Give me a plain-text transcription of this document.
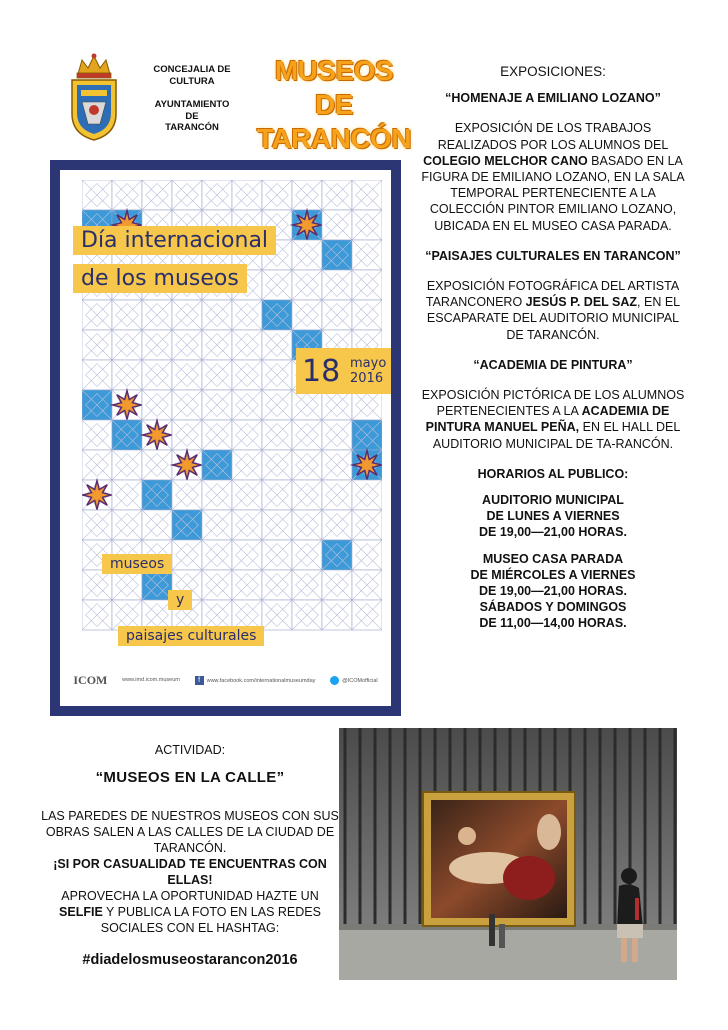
CONCEJALIA DE
CULTURA
AYUNTAMIENTO
DE
TARANCÓN
MUSEOS
DE
TARANCÓN
Día internacional
de los museos
18 mayo
2016
museos
y
paisajes culturales
ICOM	www.imd.icom.museum	f www.facebook.com/internationalmuseumday	@ICOMofficial
EXPOSICIONES:
“HOMENAJE A EMILIANO LOZANO”
EXPOSICIÓN DE LOS TRABAJOS REALIZADOS POR LOS ALUMNOS DEL COLEGIO MELCHOR CANO BASADO EN LA FIGURA DE EMILIANO LOZANO, EN LA SALA TEMPORAL PERTENECIENTE A LA COLECCIÓN PINTOR EMILIANO LOZANO, UBICADA EN EL MUSEO CASA PARADA.
“PAISAJES CULTURALES EN TARANCON”
EXPOSICIÓN FOTOGRÁFICA DEL ARTISTA TARANCONERO JESÚS P. DEL SAZ, EN EL ESCAPARATE DEL AUDITORIO MUNICIPAL DE TARANCÓN.
“ACADEMIA DE PINTURA”
EXPOSICIÓN PICTÓRICA DE LOS ALUMNOS PERTENECIENTES A LA ACADEMIA DE PINTURA MANUEL PEÑA, EN EL HALL DEL AUDITORIO MUNICIPAL DE TA-RANCÓN.
HORARIOS AL PUBLICO:
AUDITORIO MUNICIPAL
DE LUNES A VIERNES
DE 19,00—21,00 HORAS.
MUSEO CASA PARADA
DE MIÉRCOLES A VIERNES
DE 19,00—21,00 HORAS.
SÁBADOS Y DOMINGOS
DE 11,00—14,00 HORAS.
ACTIVIDAD:
“MUSEOS EN LA CALLE”
LAS PAREDES DE NUESTROS MUSEOS CON SUS OBRAS SALEN A LAS CALLES DE LA CIUDAD DE TARANCÓN.
¡SI POR CASUALIDAD TE ENCUENTRAS CON ELLAS!
APROVECHA LA OPORTUNIDAD HAZTE UN SELFIE Y PUBLICA LA FOTO EN LAS REDES SOCIALES CON EL HASHTAG:
#diadelosmuseostarancon2016
